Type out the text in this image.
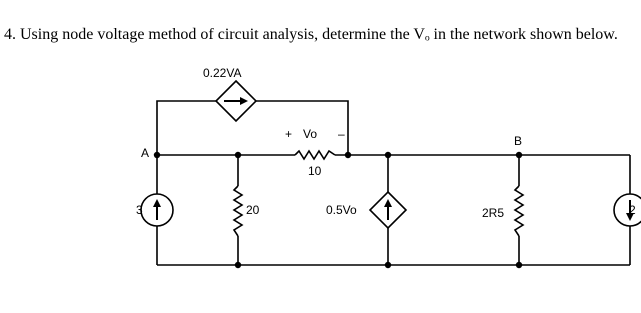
4. Using node voltage method of circuit analysis, determine the Vₒ in the network shown below.
0.22VA
+ Vo –
10
A
B
3	20	0.5Vo	2R5	2
